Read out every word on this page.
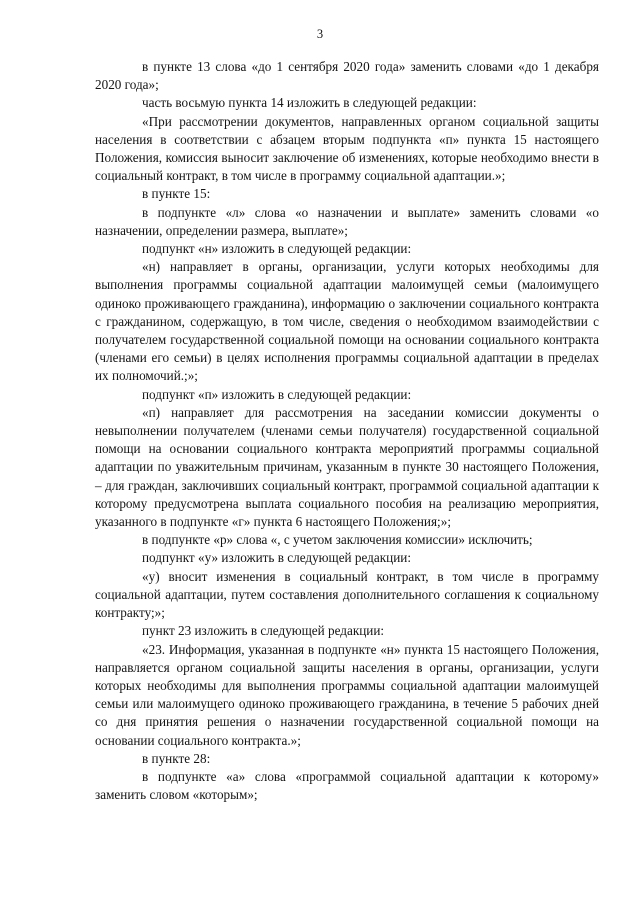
3

в пункте 13 слова «до 1 сентября 2020 года» заменить словами «до 1 декабря 2020 года»;

часть восьмую пункта 14 изложить в следующей редакции:

«При рассмотрении документов, направленных органом социальной защиты населения в соответствии с абзацем вторым подпункта «п» пункта 15 настоящего Положения, комиссия выносит заключение об изменениях, которые необходимо внести в социальный контракт, в том числе в программу социальной адаптации.»;

в пункте 15:

в подпункте «л» слова «о назначении и выплате» заменить словами «о назначении, определении размера, выплате»;

подпункт «н» изложить в следующей редакции:

«н) направляет в органы, организации, услуги которых необходимы для выполнения программы социальной адаптации малоимущей семьи (малоимущего одиноко проживающего гражданина), информацию о заключении социального контракта с гражданином, содержащую, в том числе, сведения о необходимом взаимодействии с получателем государственной социальной помощи на основании социального контракта (членами его семьи) в целях исполнения программы социальной адаптации в пределах их полномочий.;»;

подпункт «п» изложить в следующей редакции:

«п) направляет для рассмотрения на заседании комиссии документы о невыполнении получателем (членами семьи получателя) государственной социальной помощи на основании социального контракта мероприятий программы социальной адаптации по уважительным причинам, указанным в пункте 30 настоящего Положения, – для граждан, заключивших социальный контракт, программой социальной адаптации к которому предусмотрена выплата социального пособия на реализацию мероприятия, указанного в подпункте «г» пункта 6 настоящего Положения;»;

в подпункте «р» слова «, с учетом заключения комиссии» исключить;

подпункт «у» изложить в следующей редакции:

«у) вносит изменения в социальный контракт, в том числе в программу социальной адаптации, путем составления дополнительного соглашения к социальному контракту;»;

пункт 23 изложить в следующей редакции:

«23. Информация, указанная в подпункте «н» пункта 15 настоящего Положения, направляется органом социальной защиты населения в органы, организации, услуги которых необходимы для выполнения программы социальной адаптации малоимущей семьи или малоимущего одиноко проживающего гражданина, в течение 5 рабочих дней со дня принятия решения о назначении государственной социальной помощи на основании социального контракта.»;

в пункте 28:

в подпункте «а» слова «программой социальной адаптации к которому» заменить словом «которым»;
